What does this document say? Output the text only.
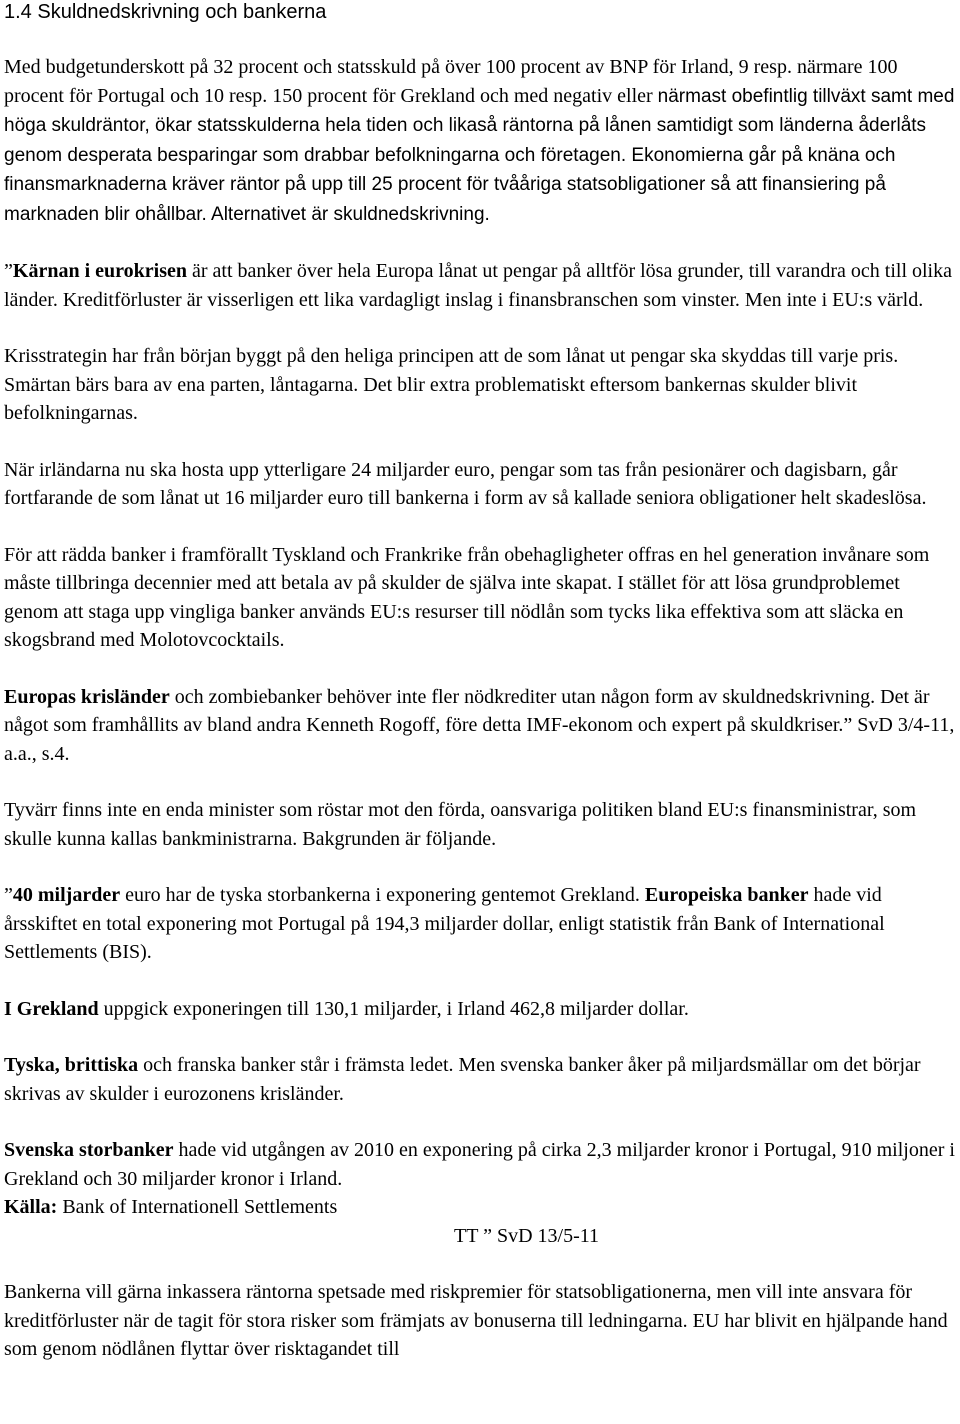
1.4 Skuldnedskrivning och bankerna

Med budgetunderskott på 32 procent och statsskuld på över 100 procent av BNP för Irland, 9 resp. närmare 100 procent för Portugal och 10 resp. 150 procent för Grekland och med negativ eller närmast obefintlig tillväxt samt med höga skuldräntor, ökar statsskulderna hela tiden och likaså räntorna på lånen samtidigt som länderna åderlåts genom desperata besparingar som drabbar befolkningarna och företagen. Ekonomierna går på knäna och finansmarknaderna kräver räntor på upp till 25 procent för tvååriga statsobligationer så att finansiering på marknaden blir ohållbar. Alternativet är skuldnedskrivning.

”Kärnan i eurokrisen är att banker över hela Europa lånat ut pengar på alltför lösa grunder, till varandra och till olika länder. Kreditförluster är visserligen ett lika vardagligt inslag i finansbranschen som vinster. Men inte i EU:s värld.

Krisstrategin har från början byggt på den heliga principen att de som lånat ut pengar ska skyddas till varje pris. Smärtan bärs bara av ena parten, låntagarna. Det blir extra problematiskt eftersom bankernas skulder blivit befolkningarnas.

När irländarna nu ska hosta upp ytterligare 24 miljarder euro, pengar som tas från pesionärer och dagisbarn, går fortfarande de som lånat ut 16 miljarder euro till bankerna i form av så kallade seniora obligationer helt skadeslösa.

För att rädda banker i framförallt Tyskland och Frankrike från obehagligheter offras en hel generation invånare som måste tillbringa decennier med att betala av på skulder de själva inte skapat. I stället för att lösa grundproblemet genom att staga upp vingliga banker används EU:s resurser till nödlån som tycks lika effektiva som att släcka en skogsbrand med Molotovcocktails.

Europas krisländer och zombiebanker behöver inte fler nödkrediter utan någon form av skuldnedskrivning. Det är något som framhållits av bland andra Kenneth Rogoff, före detta IMF-ekonom och expert på skuldkriser.” SvD 3/4-11, a.a., s.4.

Tyvärr finns inte en enda minister som röstar mot den förda, oansvariga politiken bland EU:s finansministrar, som skulle kunna kallas bankministrarna. Bakgrunden är följande.

”40 miljarder euro har de tyska storbankerna i exponering gentemot Grekland. Europeiska banker hade vid årsskiftet en total exponering mot Portugal på 194,3 miljarder dollar, enligt statistik från Bank of International Settlements (BIS).

I Grekland uppgick exponeringen till 130,1 miljarder, i Irland 462,8 miljarder dollar.

Tyska, brittiska och franska banker står i främsta ledet. Men svenska banker åker på miljardsmällar om det börjar skrivas av skulder i eurozonens krisländer.

Svenska storbanker hade vid utgången av 2010 en exponering på cirka 2,3 miljarder kronor i Portugal, 910 miljoner i Grekland och 30 miljarder kronor i Irland.

Källa: Bank of Internationell Settlements

TT ” SvD 13/5-11

Bankerna vill gärna inkassera räntorna spetsade med riskpremier för statsobligationerna, men vill inte ansvara för kreditförluster när de tagit för stora risker som främjats av bonuserna till ledningarna. EU har blivit en hjälpande hand som genom nödlånen flyttar över risktagandet till
